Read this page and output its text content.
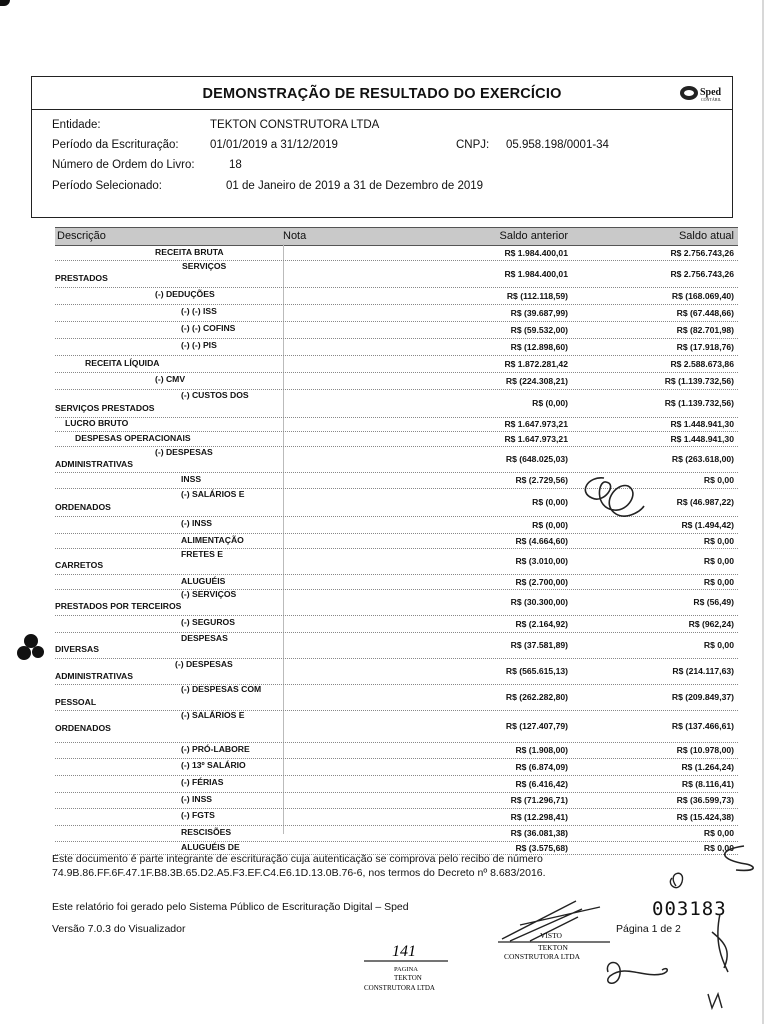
DEMONSTRAÇÃO DE RESULTADO DO EXERCÍCIO	Sped
CONTÁBIL
Entidade:	TEKTON CONSTRUTORA LTDA
Período da Escrituração:	01/01/2019 a 31/12/2019	CNPJ: 05.958.198/0001-34
Número de Ordem do Livro:	18
Período Selecionado:	01 de Janeiro de 2019 a 31 de Dezembro de 2019
Descrição	Nota	Saldo anterior	Saldo atual
RECEITA BRUTA	R$ 1.984.400,01	R$ 2.756.743,26
SERVIÇOS
PRESTADOS	R$ 1.984.400,01	R$ 2.756.743,26
(-) DEDUÇÕES	R$ (112.118,59)	R$ (168.069,40)
(-) (-) ISS	R$ (39.687,99)	R$ (67.448,66)
(-) (-) COFINS	R$ (59.532,00)	R$ (82.701,98)
(-) (-) PIS	R$ (12.898,60)	R$ (17.918,76)
RECEITA LÍQUIDA	R$ 1.872.281,42	R$ 2.588.673,86
(-) CMV	R$ (224.308,21)	R$ (1.139.732,56)
(-) CUSTOS DOS
SERVIÇOS PRESTADOS	R$ (0,00)	R$ (1.139.732,56)
LUCRO BRUTO	R$ 1.647.973,21	R$ 1.448.941,30
DESPESAS OPERACIONAIS	R$ 1.647.973,21	R$ 1.448.941,30
(-) DESPESAS
ADMINISTRATIVAS	R$ (648.025,03)	R$ (263.618,00)
INSS	R$ (2.729,56)	R$ 0,00
(-) SALÁRIOS E
ORDENADOS	R$ (0,00)	R$ (46.987,22)
(-) INSS	R$ (0,00)	R$ (1.494,42)
ALIMENTAÇÃO	R$ (4.664,60)	R$ 0,00
FRETES E
CARRETOS	R$ (3.010,00)	R$ 0,00
ALUGUÉIS	R$ (2.700,00)	R$ 0,00
(-) SERVIÇOS
PRESTADOS POR TERCEIROS	R$ (30.300,00)	R$ (56,49)
(-) SEGUROS	R$ (2.164,92)	R$ (962,24)
DESPESAS
DIVERSAS	R$ (37.581,89)	R$ 0,00
(-) DESPESAS
ADMINISTRATIVAS	R$ (565.615,13)	R$ (214.117,63)
(-) DESPESAS COM
PESSOAL	R$ (262.282,80)	R$ (209.849,37)
(-) SALÁRIOS E
ORDENADOS	R$ (127.407,79)	R$ (137.466,61)
(-) PRÓ-LABORE	R$ (1.908,00)	R$ (10.978,00)
(-) 13º SALÁRIO	R$ (6.874,09)	R$ (1.264,24)
(-) FÉRIAS	R$ (6.416,42)	R$ (8.116,41)
(-) INSS	R$ (71.296,71)	R$ (36.599,73)
(-) FGTS	R$ (12.298,41)	R$ (15.424,38)
RESCISÕES	R$ (36.081,38)	R$ 0,00
ALUGUÉIS DE	R$ (3.575,68)	R$ 0,00
Este documento é parte integrante de escrituração cuja autenticação se comprova pelo recibo de número
74.9B.86.FF.6F.47.1F.B8.3B.65.D2.A5.F3.EF.C4.E6.1D.13.0B.76-6, nos termos do Decreto nº 8.683/2016.
Este relatório foi gerado pelo Sistema Público de Escrituração Digital – Sped
Versão 7.0.3 do Visualizador	Página 1 de 2
003183
141
PAGINA
TEKTON
CONSTRUTORA LTDA
VISTO
TEKTON
CONSTRUTORA LTDA
